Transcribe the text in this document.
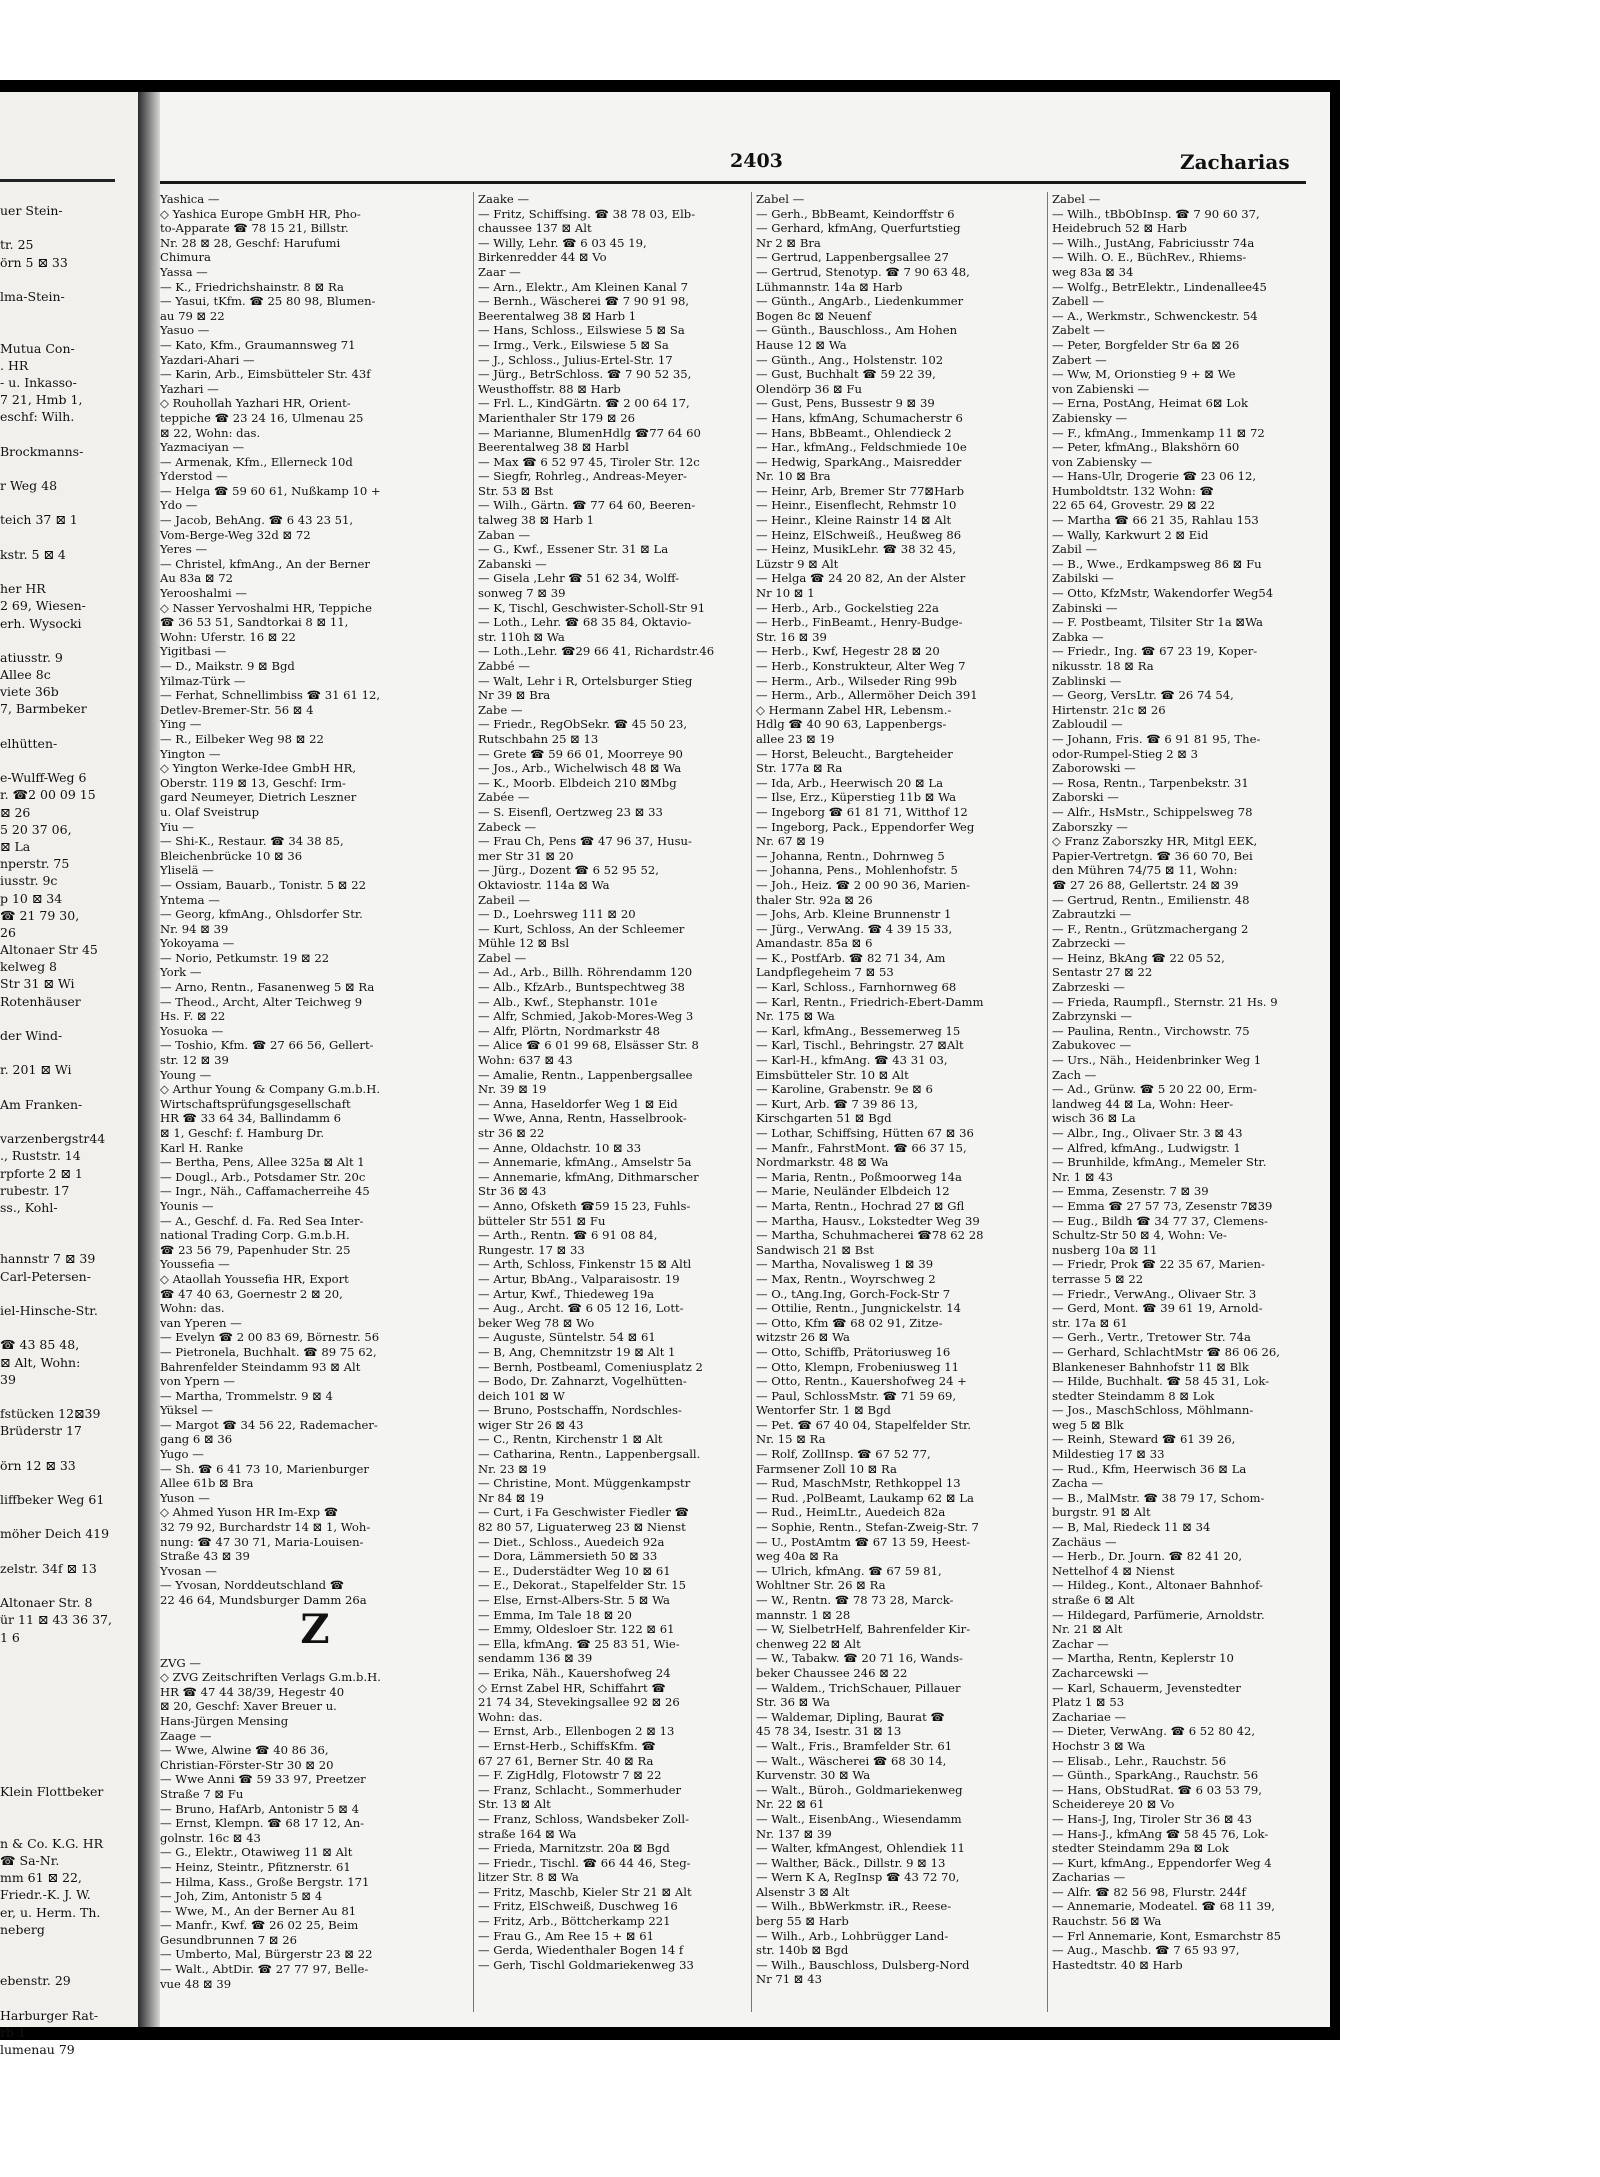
uer Stein-
tr. 25
örn 5 ⊠ 33
lma-Stein-
Mutua Con-
. HR
- u. Inkasso-
7 21, Hmb 1,
eschf: Wilh.
Brockmanns-
r Weg 48
teich 37 ⊠ 1
kstr. 5 ⊠ 4
her HR
2 69, Wiesen-
erh. Wysocki
atiusstr. 9
Allee 8c
viete 36b
7, Barmbeker
elhütten-
e-Wulff-Weg 6
r. ☎2 00 09 15
⊠ 26
5 20 37 06,
⊠ La
nperstr. 75
iusstr. 9c
p 10 ⊠ 34
☎ 21 79 30,
26
Altonaer Str 45
kelweg 8
Str 31 ⊠ Wi
Rotenhäuser
der Wind-
r. 201 ⊠ Wi
Am Franken-
varzenbergstr44
., Ruststr. 14
rpforte 2 ⊠ 1
rubestr. 17
ss., Kohl-
hannstr 7 ⊠ 39
Carl-Petersen-
iel-Hinsche-Str.
☎ 43 85 48,
⊠ Alt, Wohn:
39
fstücken 12⊠39
Brüderstr 17
örn 12 ⊠ 33
liffbeker Weg 61
möher Deich 419
zelstr. 34f ⊠ 13
Altonaer Str. 8
ür 11 ⊠ 43 36 37,
1 6
Klein Flottbeker
n & Co. K.G. HR
☎ Sa-Nr.
mm 61 ⊠ 22,
Friedr.-K. J. W.
er, u. Herm. Th.
neberg
ebenstr. 29
Harburger Rat-
rb 1
lumenau 79
2403	Zacharias
Yashica —
◇ Yashica Europe GmbH HR, Pho-
to-Apparate ☎ 78 15 21, Billstr.
Nr. 28 ⊠ 28, Geschf: Harufumi
Chimura
Yassa —
— K., Friedrichshainstr. 8 ⊠ Ra
— Yasui, tKfm. ☎ 25 80 98, Blumen-
au 79 ⊠ 22
Yasuo —
— Kato, Kfm., Graumannsweg 71
Yazdari-Ahari —
— Karin, Arb., Eimsbütteler Str. 43f
Yazhari —
◇ Rouhollah Yazhari HR, Orient-
teppiche ☎ 23 24 16, Ulmenau 25
⊠ 22, Wohn: das.
Yazmaciyan —
— Armenak, Kfm., Ellerneck 10d
Yderstod —
— Helga ☎ 59 60 61, Nußkamp 10 +
Ydo —
— Jacob, BehAng. ☎ 6 43 23 51,
Vom-Berge-Weg 32d ⊠ 72
Yeres —
— Christel, kfmAng., An der Berner
Au 83a ⊠ 72
Yerooshalmi —
◇ Nasser Yervoshalmi HR, Teppiche
☎ 36 53 51, Sandtorkai 8 ⊠ 11,
Wohn: Uferstr. 16 ⊠ 22
Yigitbasi —
— D., Maikstr. 9 ⊠ Bgd
Yilmaz-Türk —
— Ferhat, Schnellimbiss ☎ 31 61 12,
Detlev-Bremer-Str. 56 ⊠ 4
Ying —
— R., Eilbeker Weg 98 ⊠ 22
Yington —
◇ Yington Werke-Idee GmbH HR,
Oberstr. 119 ⊠ 13, Geschf: Irm-
gard Neumeyer, Dietrich Leszner
u. Olaf Sveistrup
Yiu —
— Shi-K., Restaur. ☎ 34 38 85,
Bleichenbrücke 10 ⊠ 36
Yliselä —
— Ossiam, Bauarb., Tonistr. 5 ⊠ 22
Yntema —
— Georg, kfmAng., Ohlsdorfer Str.
Nr. 94 ⊠ 39
Yokoyama —
— Norio, Petkumstr. 19 ⊠ 22
York —
— Arno, Rentn., Fasanenweg 5 ⊠ Ra
— Theod., Archt, Alter Teichweg 9
Hs. F. ⊠ 22
Yosuoka —
— Toshio, Kfm. ☎ 27 66 56, Gellert-
str. 12 ⊠ 39
Young —
◇ Arthur Young & Company G.m.b.H.
Wirtschaftsprüfungsgesellschaft
HR ☎ 33 64 34, Ballindamm 6
⊠ 1, Geschf: f. Hamburg Dr.
Karl H. Ranke
— Bertha, Pens, Allee 325a ⊠ Alt 1
— Dougl., Arb., Potsdamer Str. 20c
— Ingr., Näh., Caffamacherreihe 45
Younis —
— A., Geschf. d. Fa. Red Sea Inter-
national Trading Corp. G.m.b.H.
☎ 23 56 79, Papenhuder Str. 25
Youssefia —
◇ Ataollah Youssefia HR, Export
☎ 47 40 63, Goernestr 2 ⊠ 20,
Wohn: das.
van Yperen —
— Evelyn ☎ 2 00 83 69, Börnestr. 56
— Pietronela, Buchhalt. ☎ 89 75 62,
Bahrenfelder Steindamm 93 ⊠ Alt
von Ypern —
— Martha, Trommelstr. 9 ⊠ 4
Yüksel —
— Margot ☎ 34 56 22, Rademacher-
gang 6 ⊠ 36
Yugo —
— Sh. ☎ 6 41 73 10, Marienburger
Allee 61b ⊠ Bra
Yuson —
◇ Ahmed Yuson HR Im-Exp ☎
32 79 92, Burchardstr 14 ⊠ 1, Woh-
nung: ☎ 47 30 71, Maria-Louisen-
Straße 43 ⊠ 39
Yvosan —
— Yvosan, Norddeutschland ☎
22 46 64, Mundsburger Damm 26a
Z
ZVG —
◇ ZVG Zeitschriften Verlags G.m.b.H.
HR ☎ 47 44 38/39, Hegestr 40
⊠ 20, Geschf: Xaver Breuer u.
Hans-Jürgen Mensing
Zaage —
— Wwe, Alwine ☎ 40 86 36,
Christian-Förster-Str 30 ⊠ 20
— Wwe Anni ☎ 59 33 97, Preetzer
Straße 7 ⊠ Fu
— Bruno, HafArb, Antonistr 5 ⊠ 4
— Ernst, Klempn. ☎ 68 17 12, An-
golnstr. 16c ⊠ 43
— G., Elektr., Otawiweg 11 ⊠ Alt
— Heinz, Steintr., Pfitznerstr. 61
— Hilma, Kass., Große Bergstr. 171
— Joh, Zim, Antonistr 5 ⊠ 4
— Wwe, M., An der Berner Au 81
— Manfr., Kwf. ☎ 26 02 25, Beim
Gesundbrunnen 7 ⊠ 26
— Umberto, Mal, Bürgerstr 23 ⊠ 22
— Walt., AbtDir. ☎ 27 77 97, Belle-
vue 48 ⊠ 39
Zaake —
— Fritz, Schiffsing. ☎ 38 78 03, Elb-
chaussee 137 ⊠ Alt
— Willy, Lehr. ☎ 6 03 45 19,
Birkenredder 44 ⊠ Vo
Zaar —
— Arn., Elektr., Am Kleinen Kanal 7
— Bernh., Wäscherei ☎ 7 90 91 98,
Beerentalweg 38 ⊠ Harb 1
— Hans, Schloss., Eilswiese 5 ⊠ Sa
— Irmg., Verk., Eilswiese 5 ⊠ Sa
— J., Schloss., Julius-Ertel-Str. 17
— Jürg., BetrSchloss. ☎ 7 90 52 35,
Weusthoffstr. 88 ⊠ Harb
— Frl. L., KindGärtn. ☎ 2 00 64 17,
Marienthaler Str 179 ⊠ 26
— Marianne, BlumenHdlg ☎77 64 60
Beerentalweg 38 ⊠ Harbl
— Max ☎ 6 52 97 45, Tiroler Str. 12c
— Siegfr, Rohrleg., Andreas-Meyer-
Str. 53 ⊠ Bst
— Wilh., Gärtn. ☎ 77 64 60, Beeren-
talweg 38 ⊠ Harb 1
Zaban —
— G., Kwf., Essener Str. 31 ⊠ La
Zabanski —
— Gisela ,Lehr ☎ 51 62 34, Wolff-
sonweg 7 ⊠ 39
— K, Tischl, Geschwister-Scholl-Str 91
— Loth., Lehr. ☎ 68 35 84, Oktavio-
str. 110h ⊠ Wa
— Loth.,Lehr. ☎29 66 41, Richardstr.46
Zabbé —
— Walt, Lehr i R, Ortelsburger Stieg
Nr 39 ⊠ Bra
Zabe —
— Friedr., RegObSekr. ☎ 45 50 23,
Rutschbahn 25 ⊠ 13
— Grete ☎ 59 66 01, Moorreye 90
— Jos., Arb., Wichelwisch 48 ⊠ Wa
— K., Moorb. Elbdeich 210 ⊠Mbg
Zabée —
— S. Eisenfl, Oertzweg 23 ⊠ 33
Zabeck —
— Frau Ch, Pens ☎ 47 96 37, Husu-
mer Str 31 ⊠ 20
— Jürg., Dozent ☎ 6 52 95 52,
Oktaviostr. 114a ⊠ Wa
Zabeil —
— D., Loehrsweg 111 ⊠ 20
— Kurt, Schloss, An der Schleemer
Mühle 12 ⊠ Bsl
Zabel —
— Ad., Arb., Billh. Röhrendamm 120
— Alb., KfzArb., Buntspechtweg 38
— Alb., Kwf., Stephanstr. 101e
— Alfr, Schmied, Jakob-Mores-Weg 3
— Alfr, Plörtn, Nordmarkstr 48
— Alice ☎ 6 01 99 68, Elsässer Str. 8
Wohn: 637 ⊠ 43
— Amalie, Rentn., Lappenbergsallee
Nr. 39 ⊠ 19
— Anna, Haseldorfer Weg 1 ⊠ Eid
— Wwe, Anna, Rentn, Hasselbrook-
str 36 ⊠ 22
— Anne, Oldachstr. 10 ⊠ 33
— Annemarie, kfmAng., Amselstr 5a
— Annemarie, kfmAng, Dithmarscher
Str 36 ⊠ 43
— Anno, Ofsketh ☎59 15 23, Fuhls-
bütteler Str 551 ⊠ Fu
— Arth., Rentn. ☎ 6 91 08 84,
Rungestr. 17 ⊠ 33
— Arth, Schloss, Finkenstr 15 ⊠ Altl
— Artur, BbAng., Valparaisostr. 19
— Artur, Kwf., Thiedeweg 19a
— Aug., Archt. ☎ 6 05 12 16, Lott-
beker Weg 78 ⊠ Wo
— Auguste, Süntelstr. 54 ⊠ 61
— B, Ang, Chemnitzstr 19 ⊠ Alt 1
— Bernh, Postbeaml, Comeniusplatz 2
— Bodo, Dr. Zahnarzt, Vogelhütten-
deich 101 ⊠ W
— Bruno, Postschaffn, Nordschles-
wiger Str 26 ⊠ 43
— C., Rentn, Kirchenstr 1 ⊠ Alt
— Catharina, Rentn., Lappenbergsall.
Nr. 23 ⊠ 19
— Christine, Mont. Müggenkampstr
Nr 84 ⊠ 19
— Curt, i Fa Geschwister Fiedler ☎
82 80 57, Liguaterweg 23 ⊠ Nienst
— Diet., Schloss., Auedeich 92a
— Dora, Lämmersieth 50 ⊠ 33
— E., Duderstädter Weg 10 ⊠ 61
— E., Dekorat., Stapelfelder Str. 15
— Else, Ernst-Albers-Str. 5 ⊠ Wa
— Emma, Im Tale 18 ⊠ 20
— Emmy, Oldesloer Str. 122 ⊠ 61
— Ella, kfmAng. ☎ 25 83 51, Wie-
sendamm 136 ⊠ 39
— Erika, Näh., Kauershofweg 24
◇ Ernst Zabel HR, Schiffahrt ☎
21 74 34, Stevekingsallee 92 ⊠ 26
Wohn: das.
— Ernst, Arb., Ellenbogen 2 ⊠ 13
— Ernst-Herb., SchiffsKfm. ☎
67 27 61, Berner Str. 40 ⊠ Ra
— F. ZigHdlg, Flotowstr 7 ⊠ 22
— Franz, Schlacht., Sommerhuder
Str. 13 ⊠ Alt
— Franz, Schloss, Wandsbeker Zoll-
straße 164 ⊠ Wa
— Frieda, Marnitzstr. 20a ⊠ Bgd
— Friedr., Tischl. ☎ 66 44 46, Steg-
litzer Str. 8 ⊠ Wa
— Fritz, Maschb, Kieler Str 21 ⊠ Alt
— Fritz, ElSchweiß, Duschweg 16
— Fritz, Arb., Böttcherkamp 221
— Frau G., Am Ree 15 + ⊠ 61
— Gerda, Wiedenthaler Bogen 14 f
— Gerh, Tischl Goldmariekenweg 33
Zabel —
— Gerh., BbBeamt, Keindorffstr 6
— Gerhard, kfmAng, Querfurtstieg
Nr 2 ⊠ Bra
— Gertrud, Lappenbergsallee 27
— Gertrud, Stenotyp. ☎ 7 90 63 48,
Lühmannstr. 14a ⊠ Harb
— Günth., AngArb., Liedenkummer
Bogen 8c ⊠ Neuenf
— Günth., Bauschloss., Am Hohen
Hause 12 ⊠ Wa
— Günth., Ang., Holstenstr. 102
— Gust, Buchhalt ☎ 59 22 39,
Olendörp 36 ⊠ Fu
— Gust, Pens, Bussestr 9 ⊠ 39
— Hans, kfmAng, Schumacherstr 6
— Hans, BbBeamt., Ohlendieck 2
— Har., kfmAng., Feldschmiede 10e
— Hedwig, SparkAng., Maisredder
Nr. 10 ⊠ Bra
— Heinr, Arb, Bremer Str 77⊠Harb
— Heinr., Eisenflecht, Rehmstr 10
— Heinr., Kleine Rainstr 14 ⊠ Alt
— Heinz, ElSchweiß., Heußweg 86
— Heinz, MusikLehr. ☎ 38 32 45,
Lüzstr 9 ⊠ Alt
— Helga ☎ 24 20 82, An der Alster
Nr 10 ⊠ 1
— Herb., Arb., Gockelstieg 22a
— Herb., FinBeamt., Henry-Budge-
Str. 16 ⊠ 39
— Herb., Kwf, Hegestr 28 ⊠ 20
— Herb., Konstrukteur, Alter Weg 7
— Herm., Arb., Wilseder Ring 99b
— Herm., Arb., Allermöher Deich 391
◇ Hermann Zabel HR, Lebensm.-
Hdlg ☎ 40 90 63, Lappenbergs-
allee 23 ⊠ 19
— Horst, Beleucht., Bargteheider
Str. 177a ⊠ Ra
— Ida, Arb., Heerwisch 20 ⊠ La
— Ilse, Erz., Küperstieg 11b ⊠ Wa
— Ingeborg ☎ 61 81 71, Witthof 12
— Ingeborg, Pack., Eppendorfer Weg
Nr. 67 ⊠ 19
— Johanna, Rentn., Dohrnweg 5
— Johanna, Pens., Mohlenhofstr. 5
— Joh., Heiz. ☎ 2 00 90 36, Marien-
thaler Str. 92a ⊠ 26
— Johs, Arb. Kleine Brunnenstr 1
— Jürg., VerwAng. ☎ 4 39 15 33,
Amandastr. 85a ⊠ 6
— K., PostfArb. ☎ 82 71 34, Am
Landpflegeheim 7 ⊠ 53
— Karl, Schloss., Farnhornweg 68
— Karl, Rentn., Friedrich-Ebert-Damm
Nr. 175 ⊠ Wa
— Karl, kfmAng., Bessemerweg 15
— Karl, Tischl., Behringstr. 27 ⊠Alt
— Karl-H., kfmAng. ☎ 43 31 03,
Eimsbütteler Str. 10 ⊠ Alt
— Karoline, Grabenstr. 9e ⊠ 6
— Kurt, Arb. ☎ 7 39 86 13,
Kirschgarten 51 ⊠ Bgd
— Lothar, Schiffsing, Hütten 67 ⊠ 36
— Manfr., FahrstMont. ☎ 66 37 15,
Nordmarkstr. 48 ⊠ Wa
— Maria, Rentn., Poßmoorweg 14a
— Marie, Neuländer Elbdeich 12
— Marta, Rentn., Hochrad 27 ⊠ Gfl
— Martha, Hausv., Lokstedter Weg 39
— Martha, Schuhmacherei ☎78 62 28
Sandwisch 21 ⊠ Bst
— Martha, Novalisweg 1 ⊠ 39
— Max, Rentn., Woyrschweg 2
— O., tAng.Ing, Gorch-Fock-Str 7
— Ottilie, Rentn., Jungnickelstr. 14
— Otto, Kfm ☎ 68 02 91, Zitze-
witzstr 26 ⊠ Wa
— Otto, Schiffb, Prätoriusweg 16
— Otto, Klempn, Frobeniusweg 11
— Otto, Rentn., Kauershofweg 24 +
— Paul, SchlossMstr. ☎ 71 59 69,
Wentorfer Str. 1 ⊠ Bgd
— Pet. ☎ 67 40 04, Stapelfelder Str.
Nr. 15 ⊠ Ra
— Rolf, ZollInsp. ☎ 67 52 77,
Farmsener Zoll 10 ⊠ Ra
— Rud, MaschMstr, Rethkoppel 13
— Rud. ,PolBeamt, Laukamp 62 ⊠ La
— Rud., HeimLtr., Auedeich 82a
— Sophie, Rentn., Stefan-Zweig-Str. 7
— U., PostAmtm ☎ 67 13 59, Heest-
weg 40a ⊠ Ra
— Ulrich, kfmAng. ☎ 67 59 81,
Wohltner Str. 26 ⊠ Ra
— W., Rentn. ☎ 78 73 28, Marck-
mannstr. 1 ⊠ 28
— W, SielbetrHelf, Bahrenfelder Kir-
chenweg 22 ⊠ Alt
— W., Tabakw. ☎ 20 71 16, Wands-
beker Chaussee 246 ⊠ 22
— Waldem., TrichSchauer, Pillauer
Str. 36 ⊠ Wa
— Waldemar, Dipling, Baurat ☎
45 78 34, Isestr. 31 ⊠ 13
— Walt., Fris., Bramfelder Str. 61
— Walt., Wäscherei ☎ 68 30 14,
Kurvenstr. 30 ⊠ Wa
— Walt., Büroh., Goldmariekenweg
Nr. 22 ⊠ 61
— Walt., EisenbAng., Wiesendamm
Nr. 137 ⊠ 39
— Walter, kfmAngest, Ohlendiek 11
— Walther, Bäck., Dillstr. 9 ⊠ 13
— Wern K A, RegInsp ☎ 43 72 70,
Alsenstr 3 ⊠ Alt
— Wilh., BbWerkmstr. iR., Reese-
berg 55 ⊠ Harb
— Wilh., Arb., Lohbrügger Land-
str. 140b ⊠ Bgd
— Wilh., Bauschloss, Dulsberg-Nord
Nr 71 ⊠ 43
Zabel —
— Wilh., tBbObInsp. ☎ 7 90 60 37,
Heidebruch 52 ⊠ Harb
— Wilh., JustAng, Fabriciusstr 74a
— Wilh. O. E., BüchRev., Rhiems-
weg 83a ⊠ 34
— Wolfg., BetrElektr., Lindenallee45
Zabell —
— A., Werkmstr., Schwenckestr. 54
Zabelt —
— Peter, Borgfelder Str 6a ⊠ 26
Zabert —
— Ww, M, Orionstieg 9 + ⊠ We
von Zabienski —
— Erna, PostAng, Heimat 6⊠ Lok
Zabiensky —
— F., kfmAng., Immenkamp 11 ⊠ 72
— Peter, kfmAng., Blakshörn 60
von Zabiensky —
— Hans-Ulr, Drogerie ☎ 23 06 12,
Humboldtstr. 132 Wohn: ☎
22 65 64, Grovestr. 29 ⊠ 22
— Martha ☎ 66 21 35, Rahlau 153
— Wally, Karkwurt 2 ⊠ Eid
Zabil —
— B., Wwe., Erdkampsweg 86 ⊠ Fu
Zabilski —
— Otto, KfzMstr, Wakendorfer Weg54
Zabinski —
— F. Postbeamt, Tilsiter Str 1a ⊠Wa
Zabka —
— Friedr., Ing. ☎ 67 23 19, Koper-
nikusstr. 18 ⊠ Ra
Zablinski —
— Georg, VersLtr. ☎ 26 74 54,
Hirtenstr. 21c ⊠ 26
Zabloudil —
— Johann, Fris. ☎ 6 91 81 95, The-
odor-Rumpel-Stieg 2 ⊠ 3
Zaborowski —
— Rosa, Rentn., Tarpenbekstr. 31
Zaborski —
— Alfr., HsMstr., Schippelsweg 78
Zaborszky —
◇ Franz Zaborszky HR, Mitgl EEK,
Papier-Vertretgn. ☎ 36 60 70, Bei
den Mühren 74/75 ⊠ 11, Wohn:
☎ 27 26 88, Gellertstr. 24 ⊠ 39
— Gertrud, Rentn., Emilienstr. 48
Zabrautzki —
— F., Rentn., Grützmachergang 2
Zabrzecki —
— Heinz, BkAng ☎ 22 05 52,
Sentastr 27 ⊠ 22
Zabrzeski —
— Frieda, Raumpfl., Sternstr. 21 Hs. 9
Zabrzynski —
— Paulina, Rentn., Virchowstr. 75
Zabukovec —
— Urs., Näh., Heidenbrinker Weg 1
Zach —
— Ad., Grünw. ☎ 5 20 22 00, Erm-
landweg 44 ⊠ La, Wohn: Heer-
wisch 36 ⊠ La
— Albr., Ing., Olivaer Str. 3 ⊠ 43
— Alfred, kfmAng., Ludwigstr. 1
— Brunhilde, kfmAng., Memeler Str.
Nr. 1 ⊠ 43
— Emma, Zesenstr. 7 ⊠ 39
— Emma ☎ 27 57 73, Zesenstr 7⊠39
— Eug., Bildh ☎ 34 77 37, Clemens-
Schultz-Str 50 ⊠ 4, Wohn: Ve-
nusberg 10a ⊠ 11
— Friedr, Prok ☎ 22 35 67, Marien-
terrasse 5 ⊠ 22
— Friedr., VerwAng., Olivaer Str. 3
— Gerd, Mont. ☎ 39 61 19, Arnold-
str. 17a ⊠ 61
— Gerh., Vertr., Tretower Str. 74a
— Gerhard, SchlachtMstr ☎ 86 06 26,
Blankeneser Bahnhofstr 11 ⊠ Blk
— Hilde, Buchhalt. ☎ 58 45 31, Lok-
stedter Steindamm 8 ⊠ Lok
— Jos., MaschSchloss, Möhlmann-
weg 5 ⊠ Blk
— Reinh, Steward ☎ 61 39 26,
Mildestieg 17 ⊠ 33
— Rud., Kfm, Heerwisch 36 ⊠ La
Zacha —
— B., MalMstr. ☎ 38 79 17, Schom-
burgstr. 91 ⊠ Alt
— B, Mal, Riedeck 11 ⊠ 34
Zachäus —
— Herb., Dr. Journ. ☎ 82 41 20,
Nettelhof 4 ⊠ Nienst
— Hildeg., Kont., Altonaer Bahnhof-
straße 6 ⊠ Alt
— Hildegard, Parfümerie, Arnoldstr.
Nr. 21 ⊠ Alt
Zachar —
— Martha, Rentn, Keplerstr 10
Zacharcewski —
— Karl, Schauerm, Jevenstedter
Platz 1 ⊠ 53
Zachariae —
— Dieter, VerwAng. ☎ 6 52 80 42,
Hochstr 3 ⊠ Wa
— Elisab., Lehr., Rauchstr. 56
— Günth., SparkAng., Rauchstr. 56
— Hans, ObStudRat. ☎ 6 03 53 79,
Scheidereye 20 ⊠ Vo
— Hans-J, Ing, Tiroler Str 36 ⊠ 43
— Hans-J., kfmAng ☎ 58 45 76, Lok-
stedter Steindamm 29a ⊠ Lok
— Kurt, kfmAng., Eppendorfer Weg 4
Zacharias —
— Alfr. ☎ 82 56 98, Flurstr. 244f
— Annemarie, Modeatel. ☎ 68 11 39,
Rauchstr. 56 ⊠ Wa
— Frl Annemarie, Kont, Esmarchstr 85
— Aug., Maschb. ☎ 7 65 93 97,
Hastedtstr. 40 ⊠ Harb
